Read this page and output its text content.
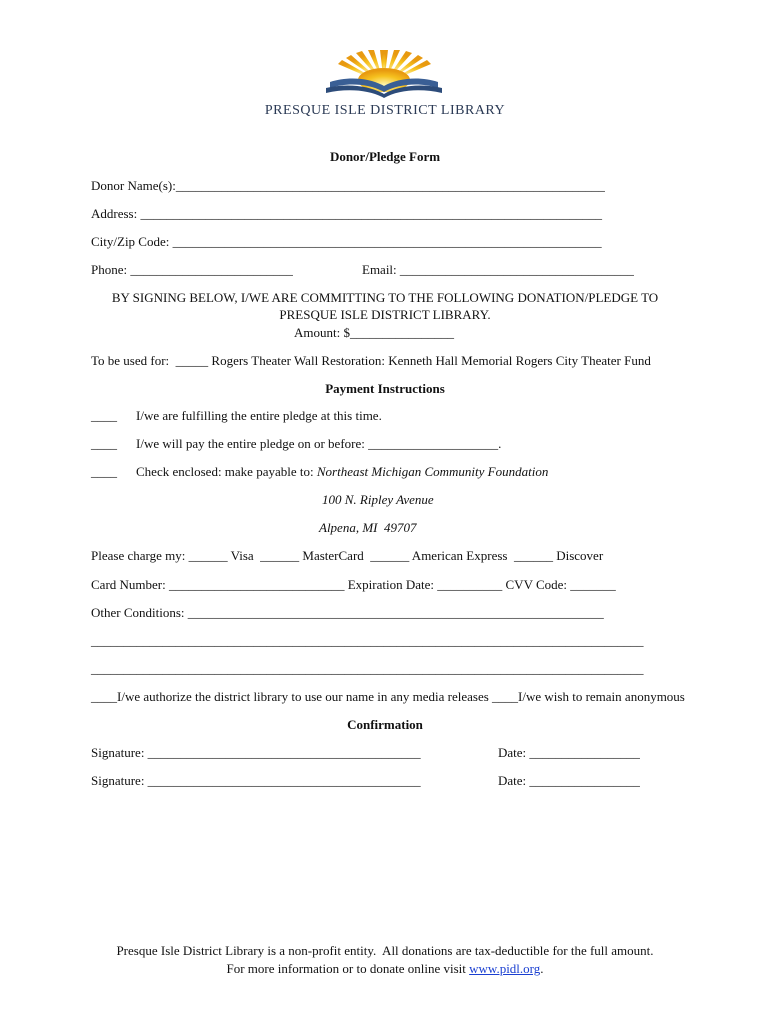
PRESQUE ISLE DISTRICT LIBRARY
Donor/Pledge Form
Donor Name(s):__________________________________________________________________
Address: _______________________________________________________________________
City/Zip Code: __________________________________________________________________
Phone: _________________________	Email: ____________________________________
BY SIGNING BELOW, I/WE ARE COMMITTING TO THE FOLLOWING DONATION/PLEDGE TO
PRESQUE ISLE DISTRICT LIBRARY.
Amount: $________________
To be used for:  _____ Rogers Theater Wall Restoration: Kenneth Hall Memorial Rogers City Theater Fund
Payment Instructions
____ I/we are fulfilling the entire pledge at this time.
____ I/we will pay the entire pledge on or before: ____________________.
____ Check enclosed: make payable to: Northeast Michigan Community Foundation
100 N. Ripley Avenue
Alpena, MI  49707
Please charge my: ______ Visa  ______ MasterCard  ______ American Express  ______ Discover
Card Number: ___________________________ Expiration Date: __________ CVV Code: _______
Other Conditions: ________________________________________________________________
_____________________________________________________________________________________
_____________________________________________________________________________________
____I/we authorize the district library to use our name in any media releases ____I/we wish to remain anonymous
Confirmation
Signature: __________________________________________	Date: _________________
Signature: __________________________________________	Date: _________________
Presque Isle District Library is a non-profit entity.  All donations are tax-deductible for the full amount.
For more information or to donate online visit www.pidl.org.
